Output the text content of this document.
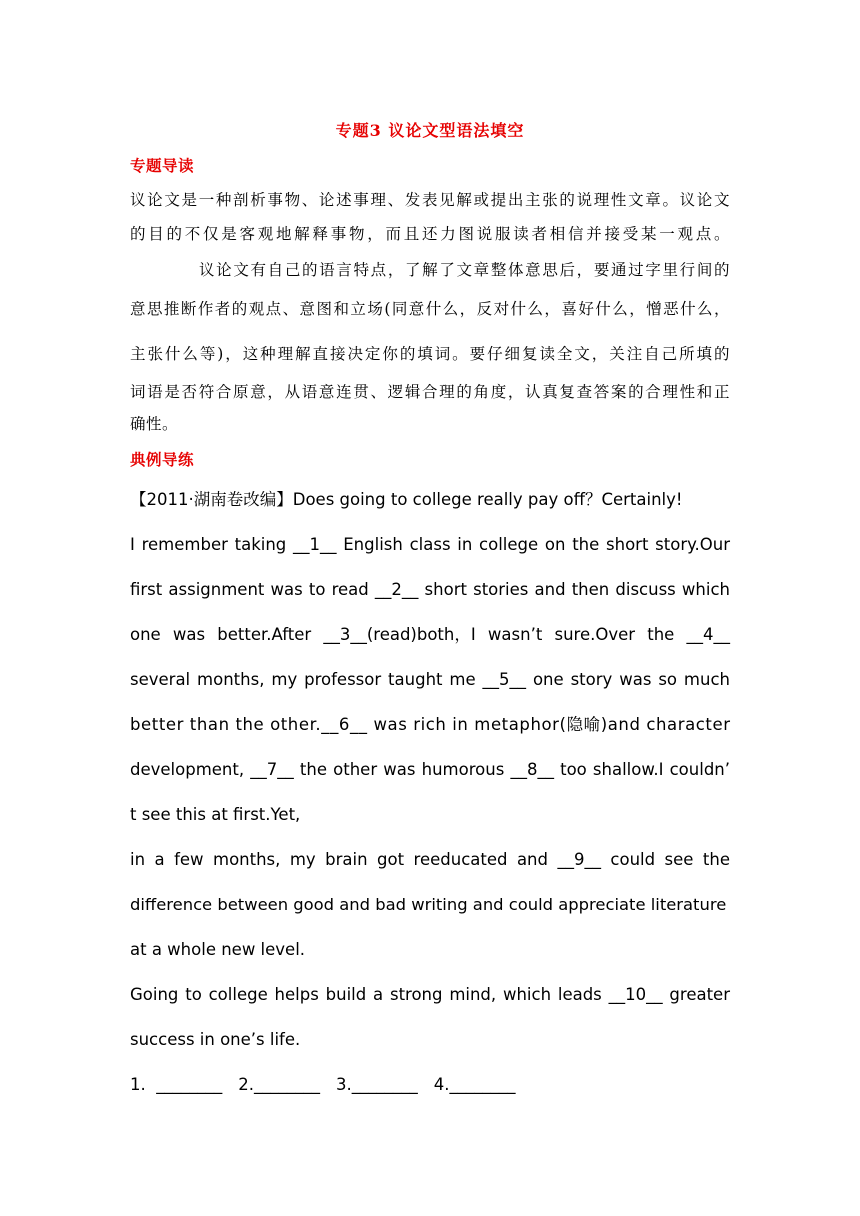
专题3 议论文型语法填空
专题导读
议论文是一种剖析事物、论述事理、发表见解或提出主张的说理性文章。议论文
的目的不仅是客观地解释事物，而且还力图说服读者相信并接受某一观点。
议论文有自己的语言特点，了解了文章整体意思后，要通过字里行间的
意思推断作者的观点、意图和立场(同意什么，反对什么，喜好什么，憎恶什么，
主张什么等)，这种理解直接决定你的填词。要仔细复读全文，关注自己所填的
词语是否符合原意，从语意连贯、逻辑合理的角度，认真复查答案的合理性和正
确性。
典例导练
【2011·湖南卷改编】Does going to college really pay off？Certainly!
I remember taking __1__ English class in college on the short story.Our
first assignment was to read __2__ short stories and then discuss which
one was better.After __3__(read)both，I wasn’t sure.Over the __4__
several months, my professor taught me __5__ one story was so much
better than the other.__6__ was rich in metaphor(隐喻)and character
development, __7__ the other was humorous __8__ too shallow.I couldn’
t see this at first.Yet,
in a few months, my brain got reeducated and __9__ could see the
difference between good and bad writing and could appreciate literature
at a whole new level.
Going to college helps build a strong mind, which leads __10__ greater
success in one’s life.
1.  ________ 2.________ 3.________ 4.________
